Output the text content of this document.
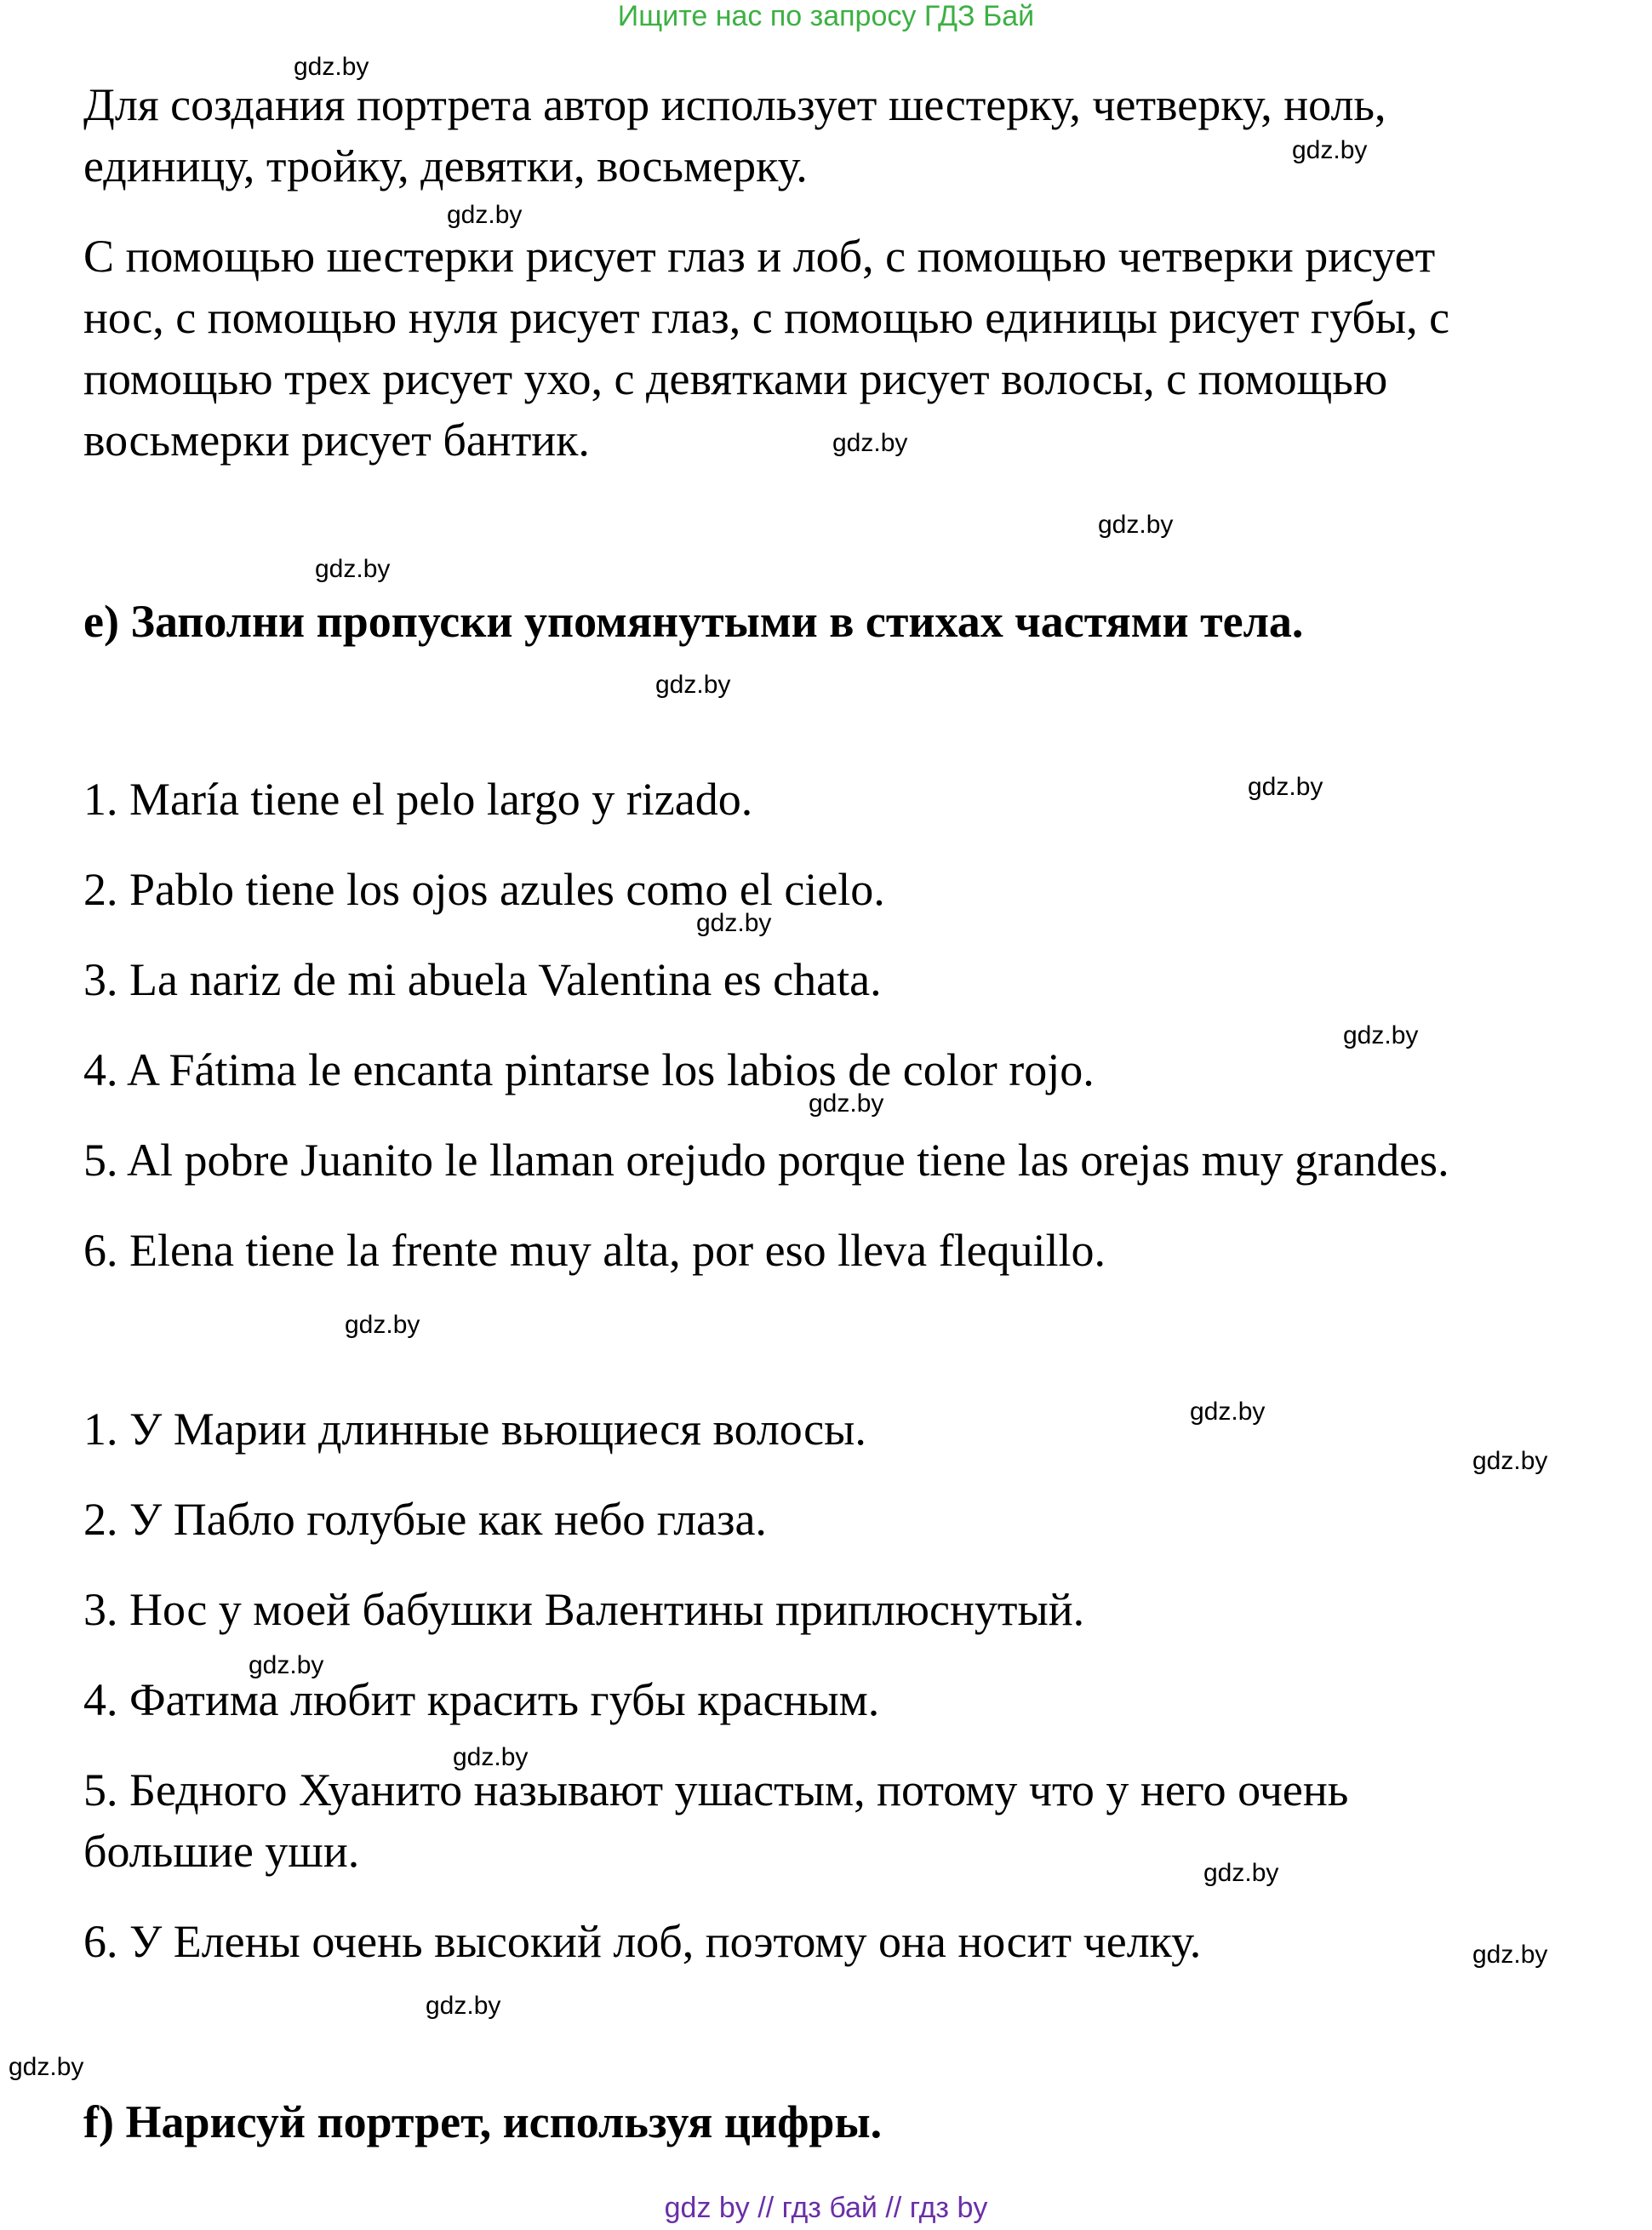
Ищите нас по запросу ГДЗ Бай

Для создания портрета автор использует шестерку, четверку, ноль,

единицу, тройку, девятки, восьмерку.

С помощью шестерки рисует глаз и лоб, с помощью четверки рисует

нос, с помощью нуля рисует глаз, с помощью единицы рисует губы, с

помощью трех рисует ухо, с девятками рисует волосы, с помощью

восьмерки рисует бантик.

e) Заполни пропуски упомянутыми в стихах частями тела.

1. María tiene el pelo largo y rizado.

2. Pablo tiene los ojos azules como el cielo.

3. La nariz de mi abuela Valentina es chata.

4. A Fátima le encanta pintarse los labios de color rojo.

5. Al pobre Juanito le llaman orejudo porque tiene las orejas muy grandes.

6. Elena tiene la frente muy alta, por eso lleva flequillo.

1. У Марии длинные вьющиеся волосы.

2. У Пабло голубые как небо глаза.

3. Нос у моей бабушки Валентины приплюснутый.

4. Фатима любит красить губы красным.

5. Бедного Хуанито называют ушастым, потому что у него очень

большие уши.

6. У Елены очень высокий лоб, поэтому она носит челку.

f) Нарисуй портрет, используя цифры.

gdz.by
gdz.by
gdz.by
gdz.by
gdz.by
gdz.by
gdz.by
gdz.by
gdz.by
gdz.by
gdz.by
gdz.by
gdz.by
gdz.by
gdz.by
gdz.by
gdz.by
gdz.by
gdz.by
gdz.by
gdz by // гдз бай // гдз by
